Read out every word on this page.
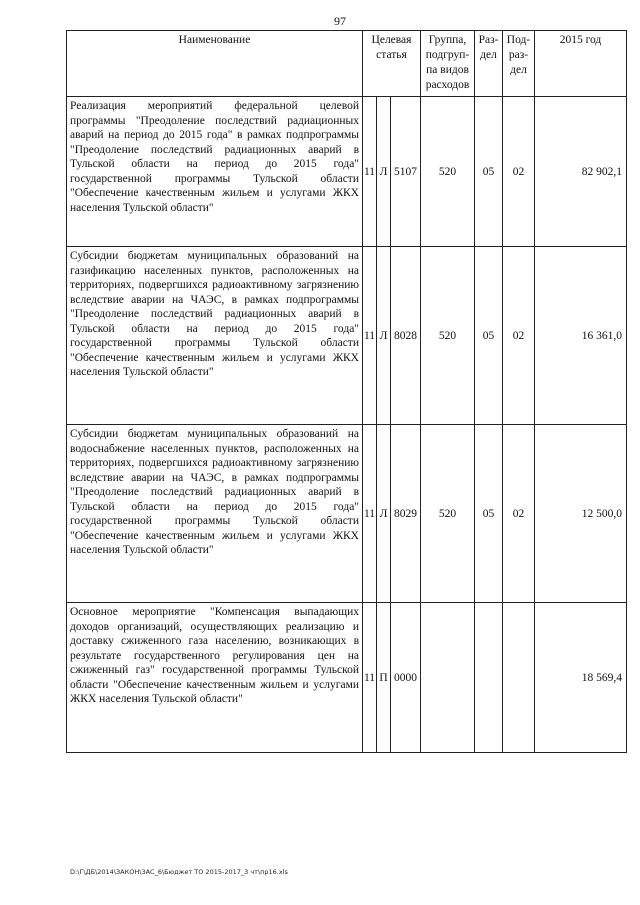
97
Наименование	Целевая статья			Группа, подгруп-па видов расходов	Раз-дел	Под-раз-дел	2015 год
Реализация мероприятий федеральной целевой программы "Преодоление последствий радиационных аварий на период до 2015 года" в рамках подпрограммы "Преодоление последствий радиационных аварий в Тульской области на период до 2015 года" государственной программы Тульской области "Обеспечение качественным жильем и услугами ЖКХ населения Тульской области"	11	Л	5107	520	05	02	82 902,1
Субсидии бюджетам муниципальных образований на газификацию населенных пунктов, расположенных на территориях, подвергшихся радиоактивному загрязнению вследствие аварии на ЧАЭС, в рамках подпрограммы "Преодоление последствий радиационных аварий в Тульской области на период до 2015 года" государственной программы Тульской области "Обеспечение качественным жильем и услугами ЖКХ населения Тульской области"	11	Л	8028	520	05	02	16 361,0
Субсидии бюджетам муниципальных образований на водоснабжение населенных пунктов, расположенных на территориях, подвергшихся радиоактивному загрязнению вследствие аварии на ЧАЭС, в рамках подпрограммы "Преодоление последствий радиационных аварий в Тульской области на период до 2015 года" государственной программы Тульской области "Обеспечение качественным жильем и услугами ЖКХ населения Тульской области"	11	Л	8029	520	05	02	12 500,0
Основное мероприятие "Компенсация выпадающих доходов организаций, осуществляющих реализацию и доставку сжиженного газа населению, возникающих в результате государственного регулирования цен на сжиженный газ" государственной программы Тульской области "Обеспечение качественным жильем и услугами ЖКХ населения Тульской области"	11	П	0000				18 569,4
D:\Г\ДБ\2014\ЗАКОН\ЗАС_6\Бюджет ТО 2015-2017_3 чт\пр16.xls
